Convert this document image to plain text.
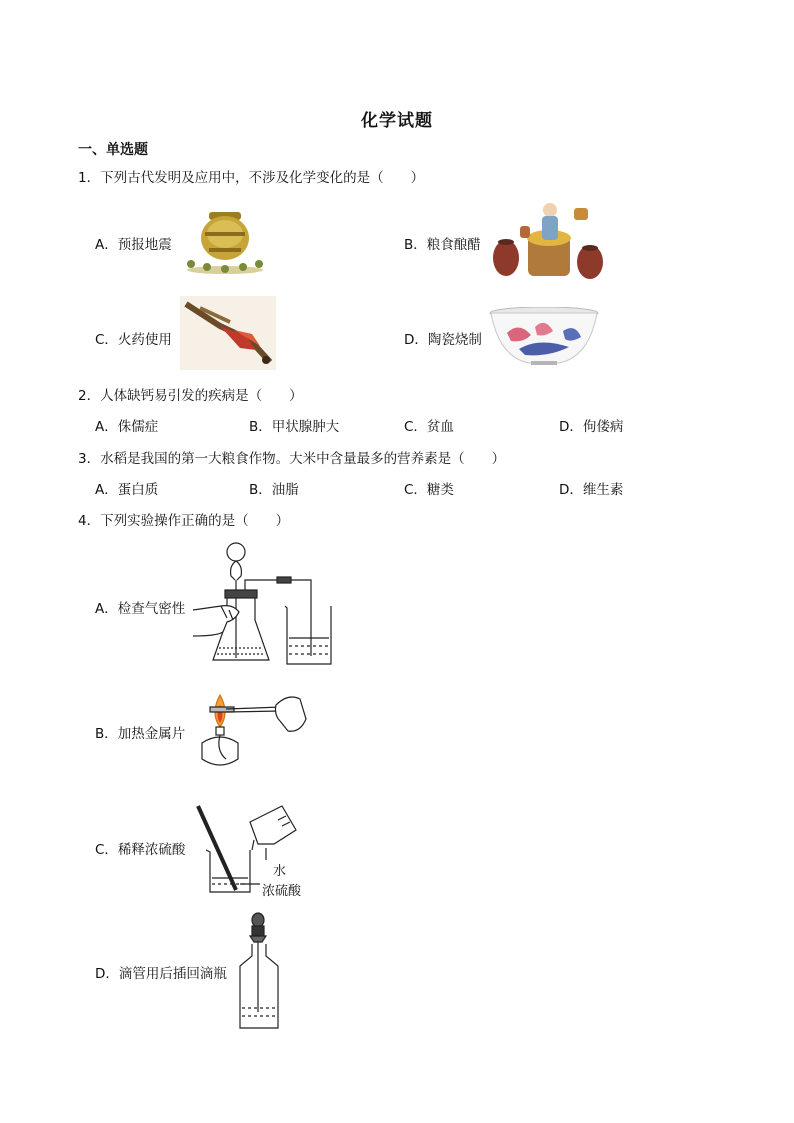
化学试题
一、单选题
1．下列古代发明及应用中，不涉及化学变化的是（　　）
A．预报地震	B．粮食酿醋
C．火药使用	D．陶瓷烧制
2．人体缺钙易引发的疾病是（　　）
A．侏儒症	B．甲状腺肿大	C．贫血	D．佝偻病
3．水稻是我国的第一大粮食作物。大米中含量最多的营养素是（　　）
A．蛋白质	B．油脂	C．糖类	D．维生素
4．下列实验操作正确的是（　　）
A．检查气密性
B．加热金属片
C．稀释浓硫酸
水
浓硫酸
D．滴管用后插回滴瓶
